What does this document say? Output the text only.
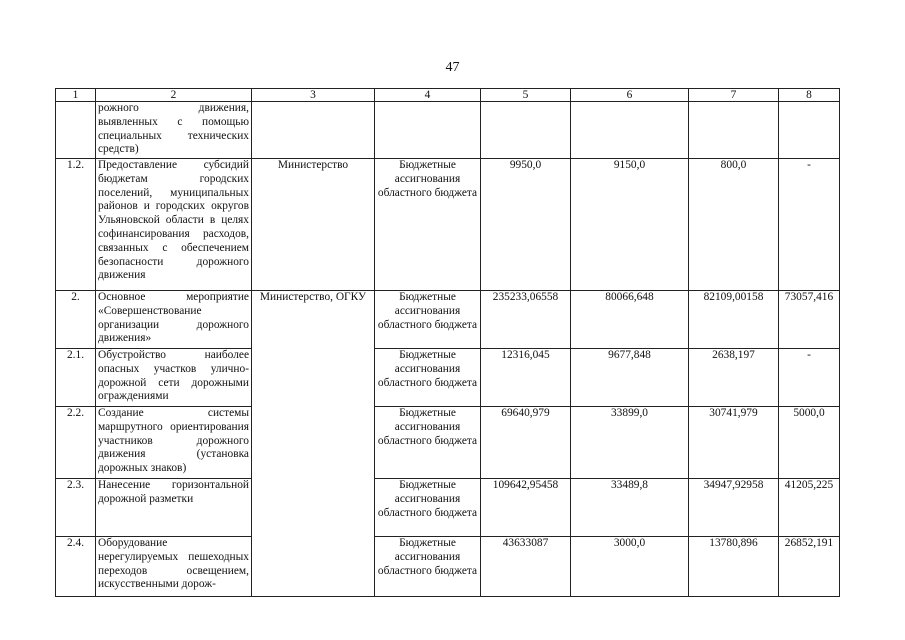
47
1	2	3	4	5	6	7	8
	рожного движения, выявленных с помощью специальных технических средств)						
1.2.	Предоставление субсидий бюджетам городских поселений, муниципальных районов и городских округов Ульяновской области в целях софинансирования расходов, связанных с обеспечением безопасности дорожного движения	Министерство	Бюджетные ассигнования областного бюджета	9950,0	9150,0	800,0	-
2.	Основное мероприятие «Совершенствование организации дорожного движения»	Министерство, ОГКУ	Бюджетные ассигнования областного бюджета	235233,06558	80066,648	82109,00158	73057,416
2.1.	Обустройство наиболее опасных участков улично-дорожной сети дорожными ограждениями		Бюджетные ассигнования областного бюджета	12316,045	9677,848	2638,197	-
2.2.	Создание системы маршрутного ориентирования участников дорожного движения (установка дорожных знаков)		Бюджетные ассигнования областного бюджета	69640,979	33899,0	30741,979	5000,0
2.3.	Нанесение горизонтальной дорожной разметки		Бюджетные ассигнования областного бюджета	109642,95458	33489,8	34947,92958	41205,225
2.4.	Оборудование нерегулируемых пешеходных переходов освещением, искусственными дорож-		Бюджетные ассигнования областного бюджета	43633087	3000,0	13780,896	26852,191
